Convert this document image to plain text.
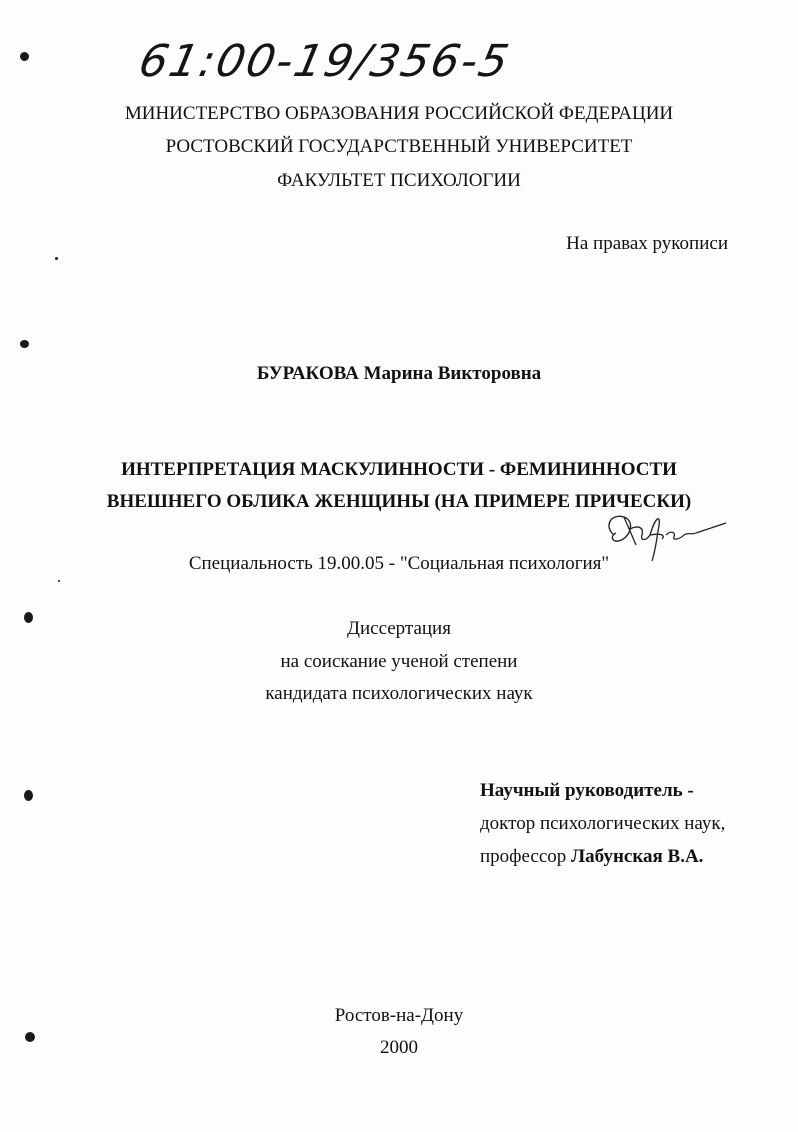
61:00-19/356-5
МИНИСТЕРСТВО ОБРАЗОВАНИЯ РОССИЙСКОЙ ФЕДЕРАЦИИ
РОСТОВСКИЙ ГОСУДАРСТВЕННЫЙ УНИВЕРСИТЕТ
ФАКУЛЬТЕТ ПСИХОЛОГИИ
На правах рукописи
БУРАКОВА Марина Викторовна
ИНТЕРПРЕТАЦИЯ МАСКУЛИННОСТИ - ФЕМИНИННОСТИ
ВНЕШНЕГО ОБЛИКА ЖЕНЩИНЫ (НА ПРИМЕРЕ ПРИЧЕСКИ)
Специальность 19.00.05 - "Социальная психология"
Диссертация
на соискание ученой степени
кандидата психологических наук
Научный руководитель -
доктор психологических наук,
профессор Лабунская В.А.
Ростов-на-Дону
2000
